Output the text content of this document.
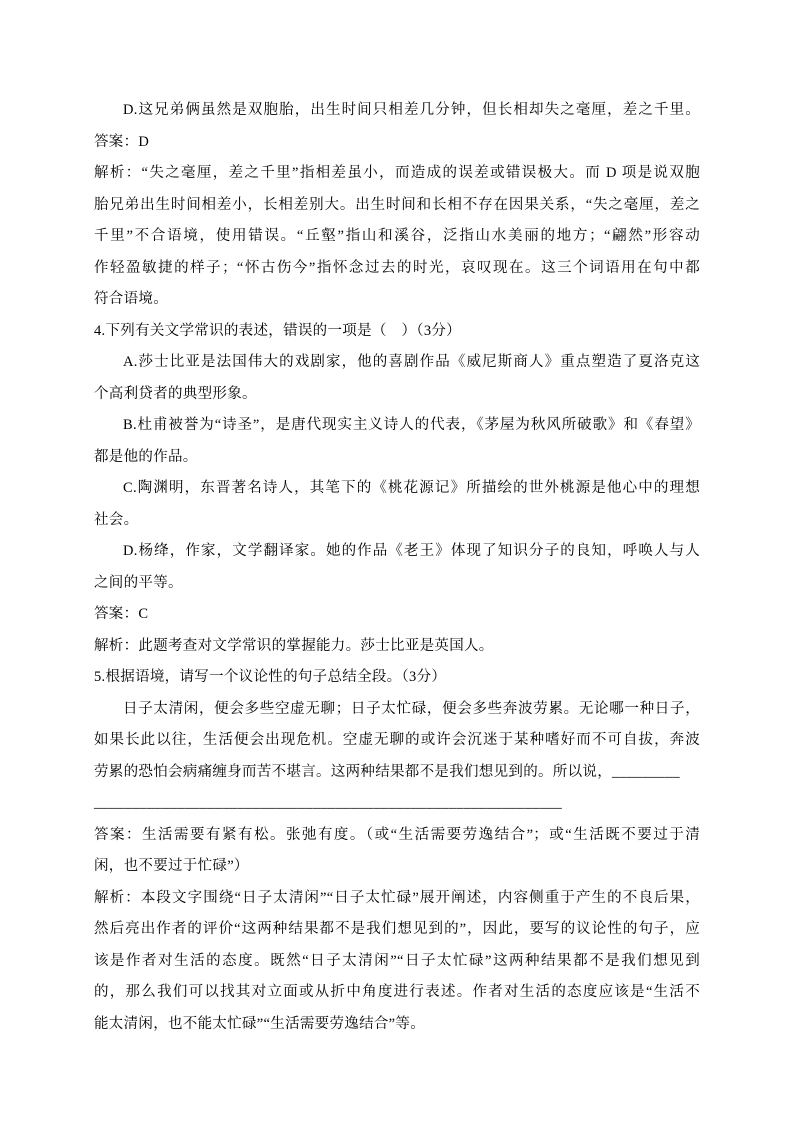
D.这兄弟俩虽然是双胞胎，出生时间只相差几分钟，但长相却失之毫厘，差之千里。
答案：D
解析：“失之毫厘，差之千里”指相差虽小，而造成的误差或错误极大。而 D 项是说双胞
胎兄弟出生时间相差小，长相差别大。出生时间和长相不存在因果关系，“失之毫厘，差之
千里”不合语境，使用错误。“丘壑”指山和溪谷，泛指山水美丽的地方；“翩然”形容动
作轻盈敏捷的样子；“怀古伤今”指怀念过去的时光，哀叹现在。这三个词语用在句中都
符合语境。
4.下列有关文学常识的表述，错误的一项是（　）（3分）
A.莎士比亚是法国伟大的戏剧家，他的喜剧作品《威尼斯商人》重点塑造了夏洛克这
个高利贷者的典型形象。
B.杜甫被誉为“诗圣”，是唐代现实主义诗人的代表，《茅屋为秋风所破歌》和《春望》
都是他的作品。
C.陶渊明，东晋著名诗人，其笔下的《桃花源记》所描绘的世外桃源是他心中的理想
社会。
D.杨绛，作家，文学翻译家。她的作品《老王》体现了知识分子的良知，呼唤人与人
之间的平等。
答案：C
解析：此题考查对文学常识的掌握能力。莎士比亚是英国人。
5.根据语境，请写一个议论性的句子总结全段。（3分）
日子太清闲，便会多些空虚无聊；日子太忙碌，便会多些奔波劳累。无论哪一种日子，
如果长此以往，生活便会出现危机。空虚无聊的或许会沉迷于某种嗜好而不可自拔，奔波
劳累的恐怕会病痛缠身而苦不堪言。这两种结果都不是我们想见到的。所以说，_________
______________________________________________________________
答案：生活需要有紧有松。张弛有度。（或“生活需要劳逸结合”；或“生活既不要过于清
闲，也不要过于忙碌”）
解析：本段文字围绕“日子太清闲”“日子太忙碌”展开阐述，内容侧重于产生的不良后果，
然后亮出作者的评价“这两种结果都不是我们想见到的”，因此，要写的议论性的句子，应
该是作者对生活的态度。既然“日子太清闲”“日子太忙碌”这两种结果都不是我们想见到
的，那么我们可以找其对立面或从折中角度进行表述。作者对生活的态度应该是“生活不
能太清闲，也不能太忙碌”“生活需要劳逸结合”等。
